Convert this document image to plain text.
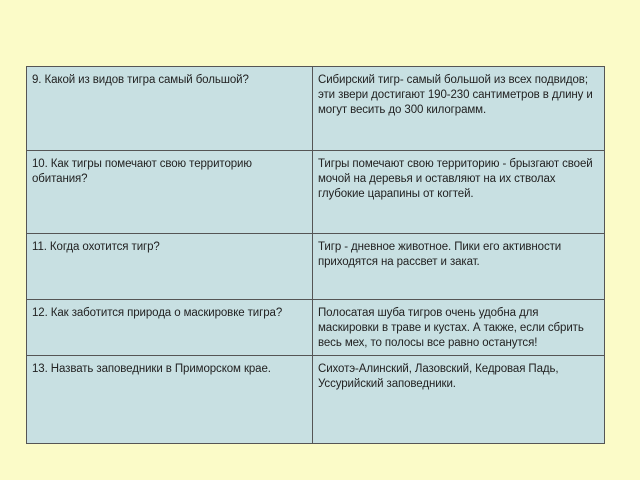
9. Какой из видов тигра самый большой?	Сибирский тигр- самый большой из всех подвидов; эти звери достигают 190-230 сантиметров в длину и могут весить до 300 килограмм.
10. Как тигры помечают свою территорию обитания?	Тигры помечают свою территорию - брызгают своей мочой на деревья и оставляют на их стволах глубокие царапины от когтей.
11. Когда охотится тигр?	Тигр - дневное животное. Пики его активности приходятся на рассвет и закат.
12. Как заботится природа о маскировке тигра?	Полосатая шуба тигров очень удобна для маскировки в траве и кустах. А также, если сбрить весь мех, то полосы все равно останутся!
13. Назвать заповедники в Приморском крае.	Сихотэ-Алинский, Лазовский, Кедровая Падь, Уссурийский заповедники.
